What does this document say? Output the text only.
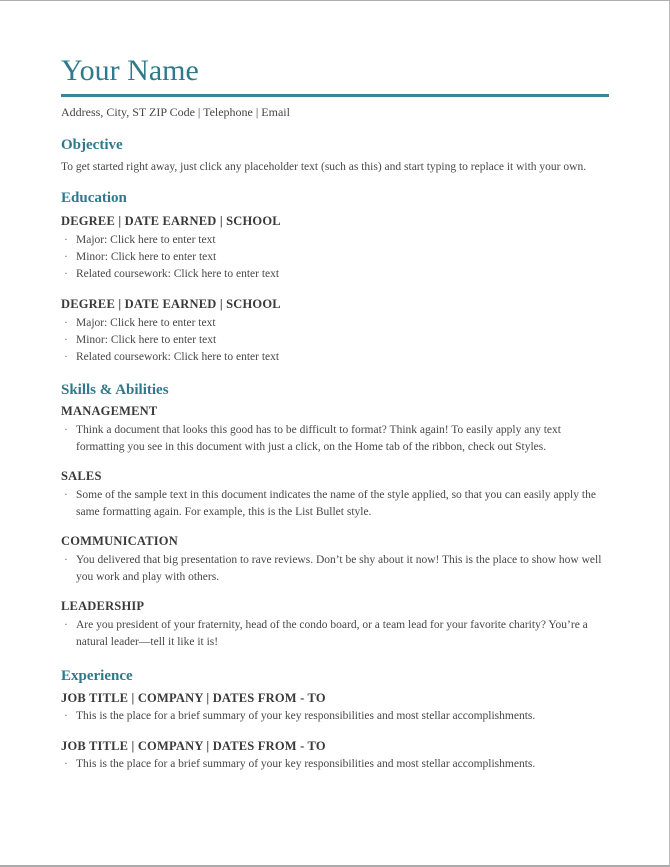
Your Name
Address, City, ST ZIP Code | Telephone | Email
Objective

To get started right away, just click any placeholder text (such as this) and start typing to replace it with your own.

Education
DEGREE | DATE EARNED | SCHOOL
· Major: Click here to enter text
· Minor: Click here to enter text
· Related coursework: Click here to enter text
DEGREE | DATE EARNED | SCHOOL
· Major: Click here to enter text
· Minor: Click here to enter text
· Related coursework: Click here to enter text
Skills & Abilities
MANAGEMENT
· Think a document that looks this good has to be difficult to format? Think again! To easily apply any text formatting you see in this document with just a click, on the Home tab of the ribbon, check out Styles.
SALES
· Some of the sample text in this document indicates the name of the style applied, so that you can easily apply the same formatting again. For example, this is the List Bullet style.
COMMUNICATION
· You delivered that big presentation to rave reviews. Don’t be shy about it now! This is the place to show how well you work and play with others.
LEADERSHIP
· Are you president of your fraternity, head of the condo board, or a team lead for your favorite charity? You’re a natural leader—tell it like it is!
Experience
JOB TITLE | COMPANY | DATES FROM - TO
· This is the place for a brief summary of your key responsibilities and most stellar accomplishments.
JOB TITLE | COMPANY | DATES FROM - TO
· This is the place for a brief summary of your key responsibilities and most stellar accomplishments.
